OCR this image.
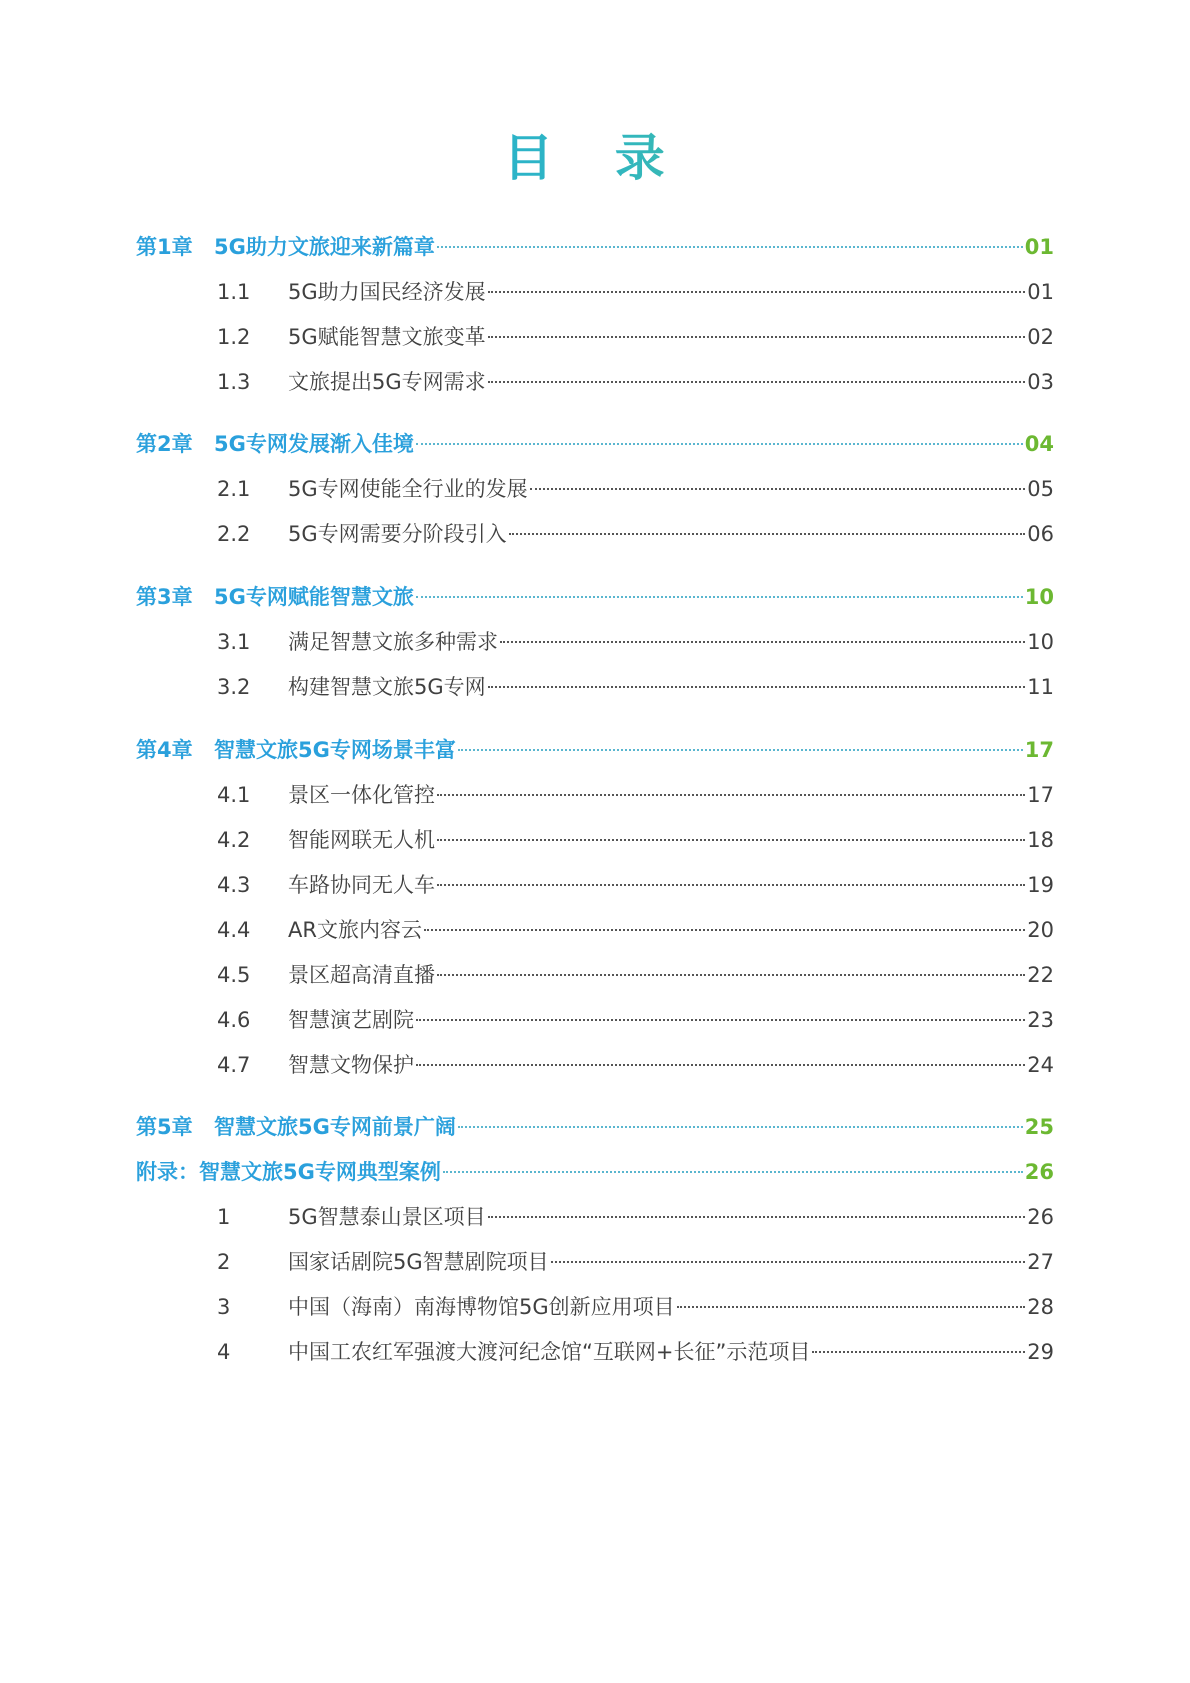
目 录
第1章	5G助力文旅迎来新篇章	01
1.1	5G助力国民经济发展	01
1.2	5G赋能智慧文旅变革	02
1.3	文旅提出5G专网需求	03
第2章	5G专网发展渐入佳境	04
2.1	5G专网使能全行业的发展	05
2.2	5G专网需要分阶段引入	06
第3章	5G专网赋能智慧文旅	10
3.1	满足智慧文旅多种需求	10
3.2	构建智慧文旅5G专网	11
第4章	智慧文旅5G专网场景丰富	17
4.1	景区一体化管控	17
4.2	智能网联无人机	18
4.3	车路协同无人车	19
4.4	AR文旅内容云	20
4.5	景区超高清直播	22
4.6	智慧演艺剧院	23
4.7	智慧文物保护	24
第5章	智慧文旅5G专网前景广阔	25
附录： 智慧文旅5G专网典型案例	26
1	5G智慧泰山景区项目	26
2	国家话剧院5G智慧剧院项目	27
3	中国（海南）南海博物馆5G创新应用项目	28
4	中国工农红军强渡大渡河纪念馆“互联网+长征”示范项目	29
